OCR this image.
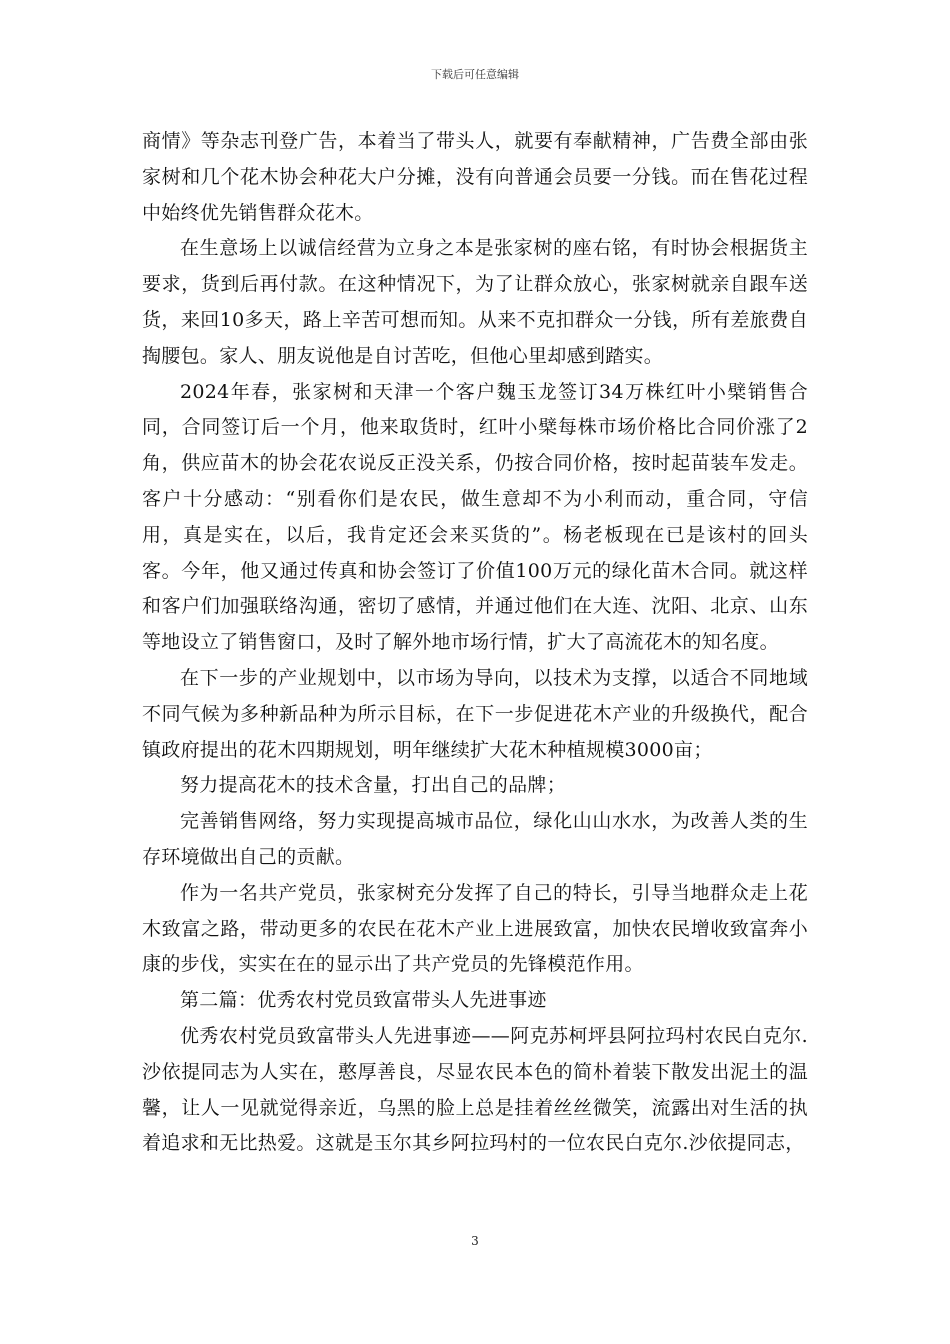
下载后可任意编辑

商情》等杂志刊登广告，本着当了带头人，就要有奉献精神，广告费全部由张家树和几个花木协会种花大户分摊，没有向普通会员要一分钱。而在售花过程中始终优先销售群众花木。

在生意场上以诚信经营为立身之本是张家树的座右铭，有时协会根据货主要求，货到后再付款。在这种情况下，为了让群众放心，张家树就亲自跟车送货，来回10多天，路上辛苦可想而知。从来不克扣群众一分钱，所有差旅费自掏腰包。家人、朋友说他是自讨苦吃，但他心里却感到踏实。

2024年春，张家树和天津一个客户魏玉龙签订34万株红叶小檗销售合同，合同签订后一个月，他来取货时，红叶小檗每株市场价格比合同价涨了2角，供应苗木的协会花农说反正没关系，仍按合同价格，按时起苗装车发走。客户十分感动：“别看你们是农民，做生意却不为小利而动，重合同，守信用，真是实在，以后，我肯定还会来买货的”。杨老板现在已是该村的回头客。今年，他又通过传真和协会签订了价值100万元的绿化苗木合同。就这样和客户们加强联络沟通，密切了感情，并通过他们在大连、沈阳、北京、山东等地设立了销售窗口，及时了解外地市场行情，扩大了高流花木的知名度。

在下一步的产业规划中，以市场为导向，以技术为支撑，以适合不同地域不同气候为多种新品种为所示目标，在下一步促进花木产业的升级换代，配合镇政府提出的花木四期规划，明年继续扩大花木种植规模3000亩；

努力提高花木的技术含量，打出自己的品牌；

完善销售网络，努力实现提高城市品位，绿化山山水水，为改善人类的生存环境做出自己的贡献。

作为一名共产党员，张家树充分发挥了自己的特长，引导当地群众走上花木致富之路，带动更多的农民在花木产业上进展致富，加快农民增收致富奔小康的步伐，实实在在的显示出了共产党员的先锋模范作用。

第二篇：优秀农村党员致富带头人先进事迹

优秀农村党员致富带头人先进事迹——阿克苏柯坪县阿拉玛村农民白克尔.沙依提同志为人实在，憨厚善良，尽显农民本色的简朴着装下散发出泥土的温馨，让人一见就觉得亲近，乌黑的脸上总是挂着丝丝微笑，流露出对生活的执着追求和无比热爱。这就是玉尔其乡阿拉玛村的一位农民白克尔.沙依提同志，

3
